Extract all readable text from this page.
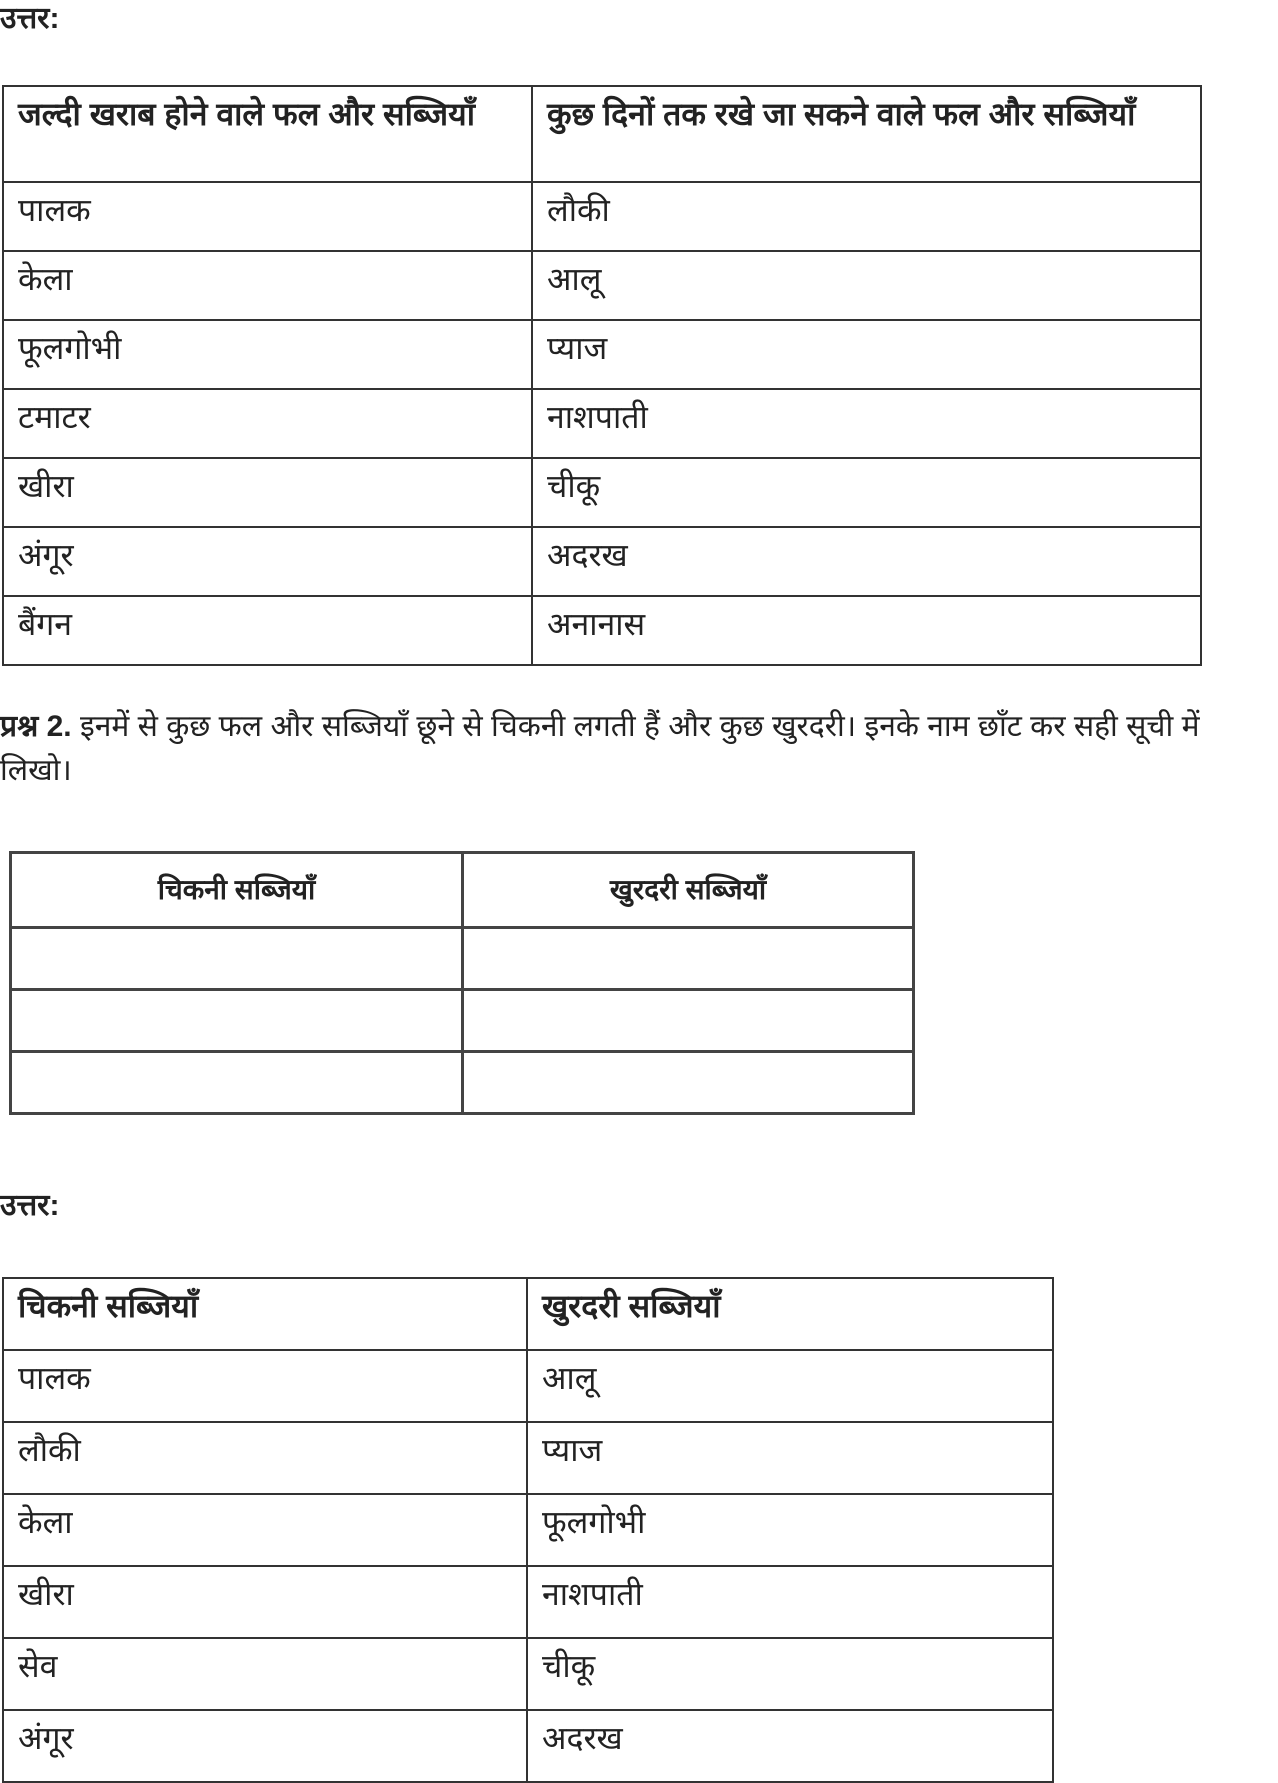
उत्तर:
जल्दी खराब होने वाले फल और सब्जियाँ	कुछ दिनों तक रखे जा सकने वाले फल और सब्जियाँ
पालक	लौकी
केला	आलू
फूलगोभी	प्याज
टमाटर	नाशपाती
खीरा	चीकू
अंगूर	अदरख
बैंगन	अनानास
प्रश्न 2. इनमें से कुछ फल और सब्जियाँ छूने से चिकनी लगती हैं और कुछ खुरदरी। इनके नाम छाँट कर सही सूची में लिखो।
चिकनी सब्जियाँ	खुरदरी सब्जियाँ

उत्तर:
चिकनी सब्जियाँ	खुरदरी सब्जियाँ
पालक	आलू
लौकी	प्याज
केला	फूलगोभी
खीरा	नाशपाती
सेव	चीकू
अंगूर	अदरख
